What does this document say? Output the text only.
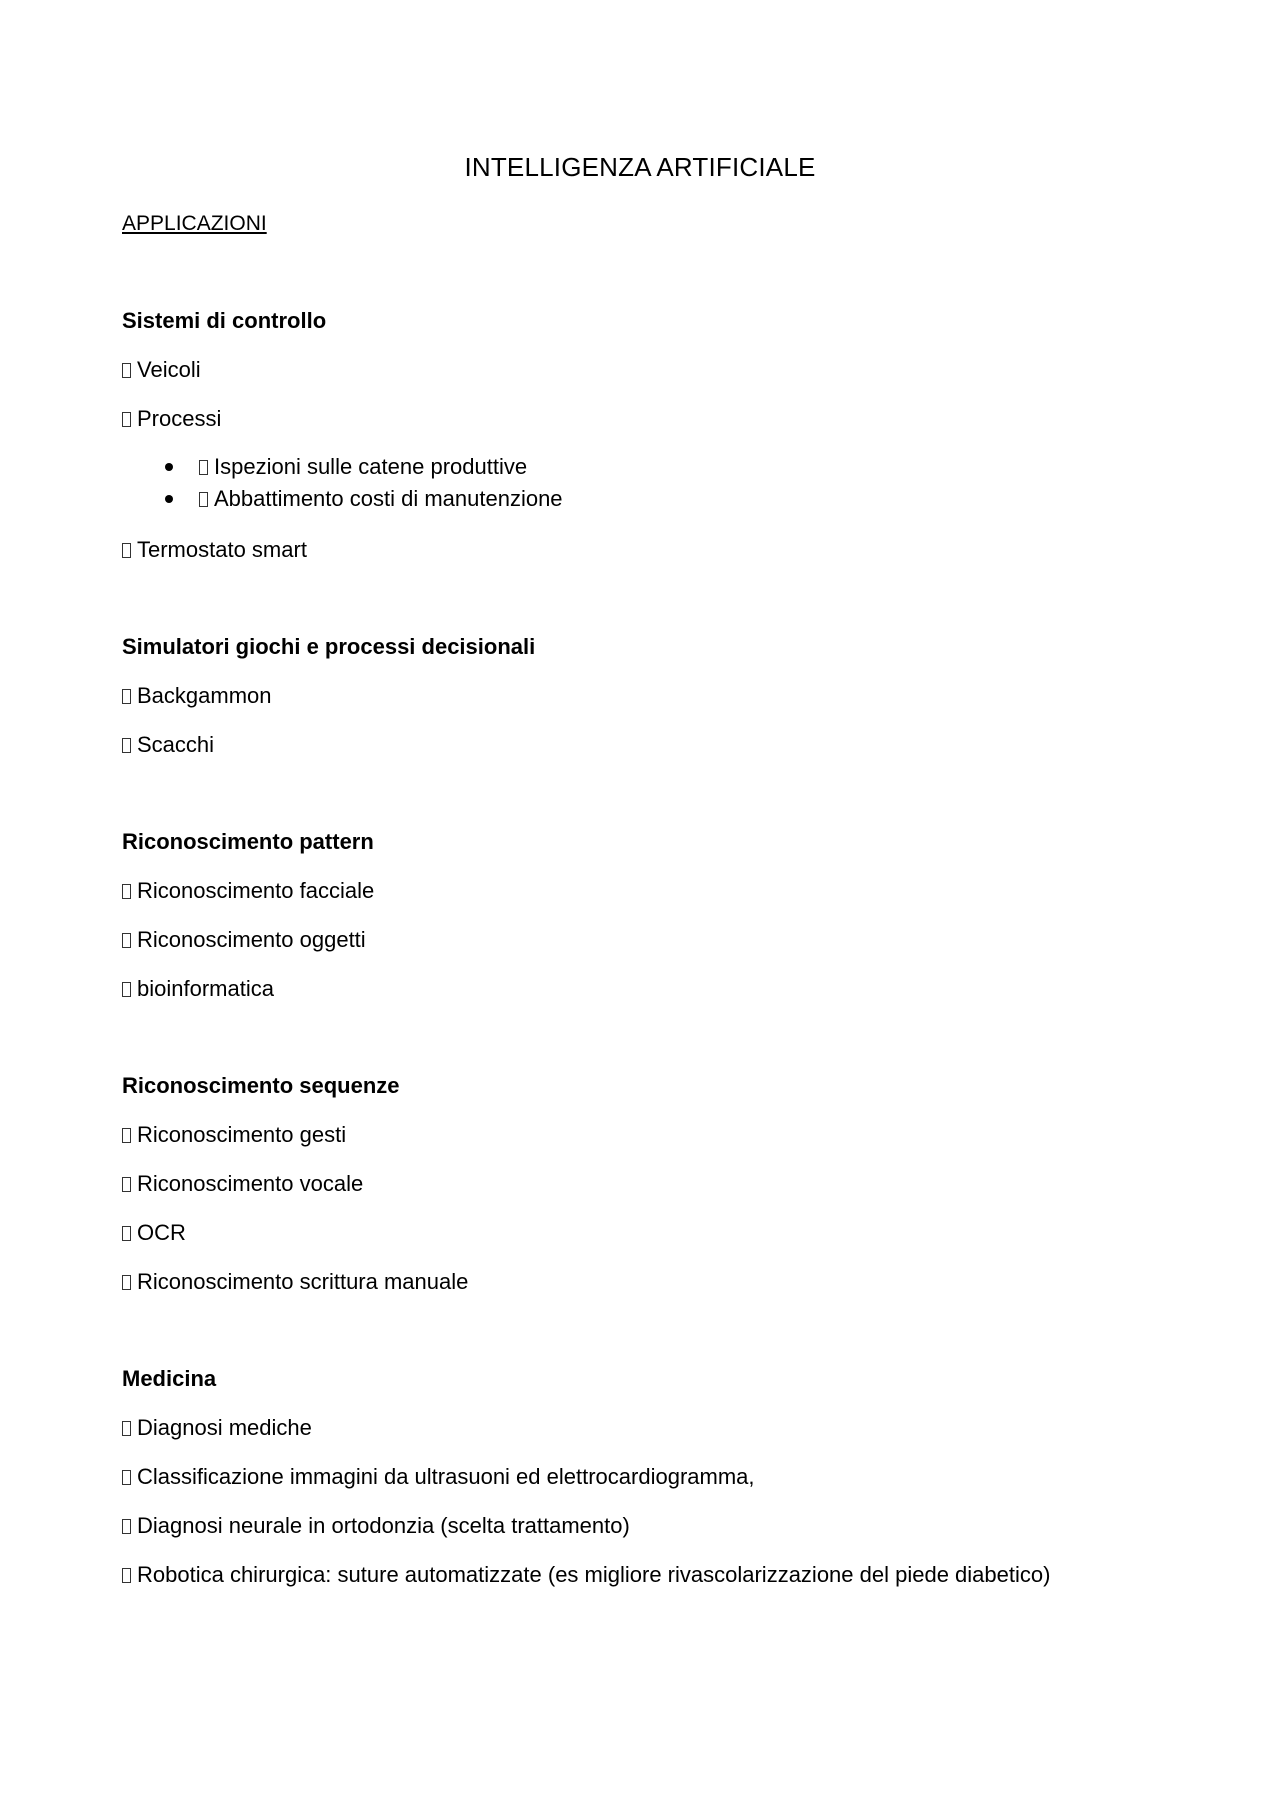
INTELLIGENZA ARTIFICIALE
APPLICAZIONI
Sistemi di controllo
Veicoli
Processi
Ispezioni sulle catene produttive
Abbattimento costi di manutenzione
Termostato smart
Simulatori giochi e processi decisionali
Backgammon
Scacchi
Riconoscimento pattern
Riconoscimento facciale
Riconoscimento oggetti
bioinformatica
Riconoscimento sequenze
Riconoscimento gesti
Riconoscimento vocale
OCR
Riconoscimento scrittura manuale
Medicina
Diagnosi mediche
Classificazione immagini da ultrasuoni ed elettrocardiogramma,
Diagnosi neurale in ortodonzia (scelta trattamento)
Robotica chirurgica: suture automatizzate (es migliore rivascolarizzazione del piede diabetico)
